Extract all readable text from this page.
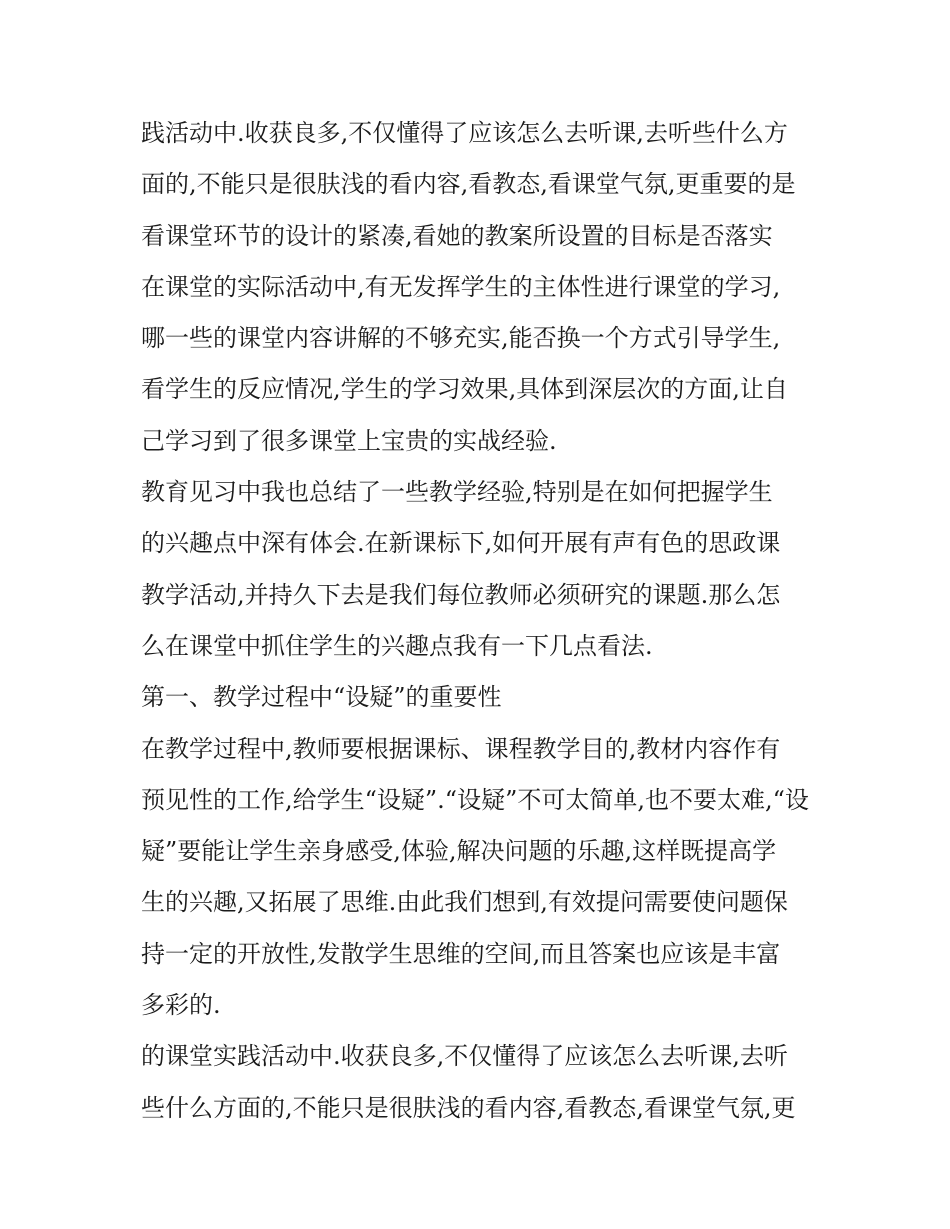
践活动中.收获良多,不仅懂得了应该怎么去听课,去听些什么方
面的,不能只是很肤浅的看内容,看教态,看课堂气氛,更重要的是
看课堂环节的设计的紧凑,看她的教案所设置的目标是否落实
在课堂的实际活动中,有无发挥学生的主体性进行课堂的学习,
哪一些的课堂内容讲解的不够充实,能否换一个方式引导学生,
看学生的反应情况,学生的学习效果,具体到深层次的方面,让自
己学习到了很多课堂上宝贵的实战经验.
教育见习中我也总结了一些教学经验,特别是在如何把握学生
的兴趣点中深有体会.在新课标下,如何开展有声有色的思政课
教学活动,并持久下去是我们每位教师必须研究的课题.那么怎
么在课堂中抓住学生的兴趣点我有一下几点看法.
第一、教学过程中“设疑”的重要性
在教学过程中,教师要根据课标、课程教学目的,教材内容作有
预见性的工作,给学生“设疑”.“设疑”不可太简单,也不要太难,“设
疑”要能让学生亲身感受,体验,解决问题的乐趣,这样既提高学
生的兴趣,又拓展了思维.由此我们想到,有效提问需要使问题保
持一定的开放性,发散学生思维的空间,而且答案也应该是丰富
多彩的.
的课堂实践活动中.收获良多,不仅懂得了应该怎么去听课,去听
些什么方面的,不能只是很肤浅的看内容,看教态,看课堂气氛,更
